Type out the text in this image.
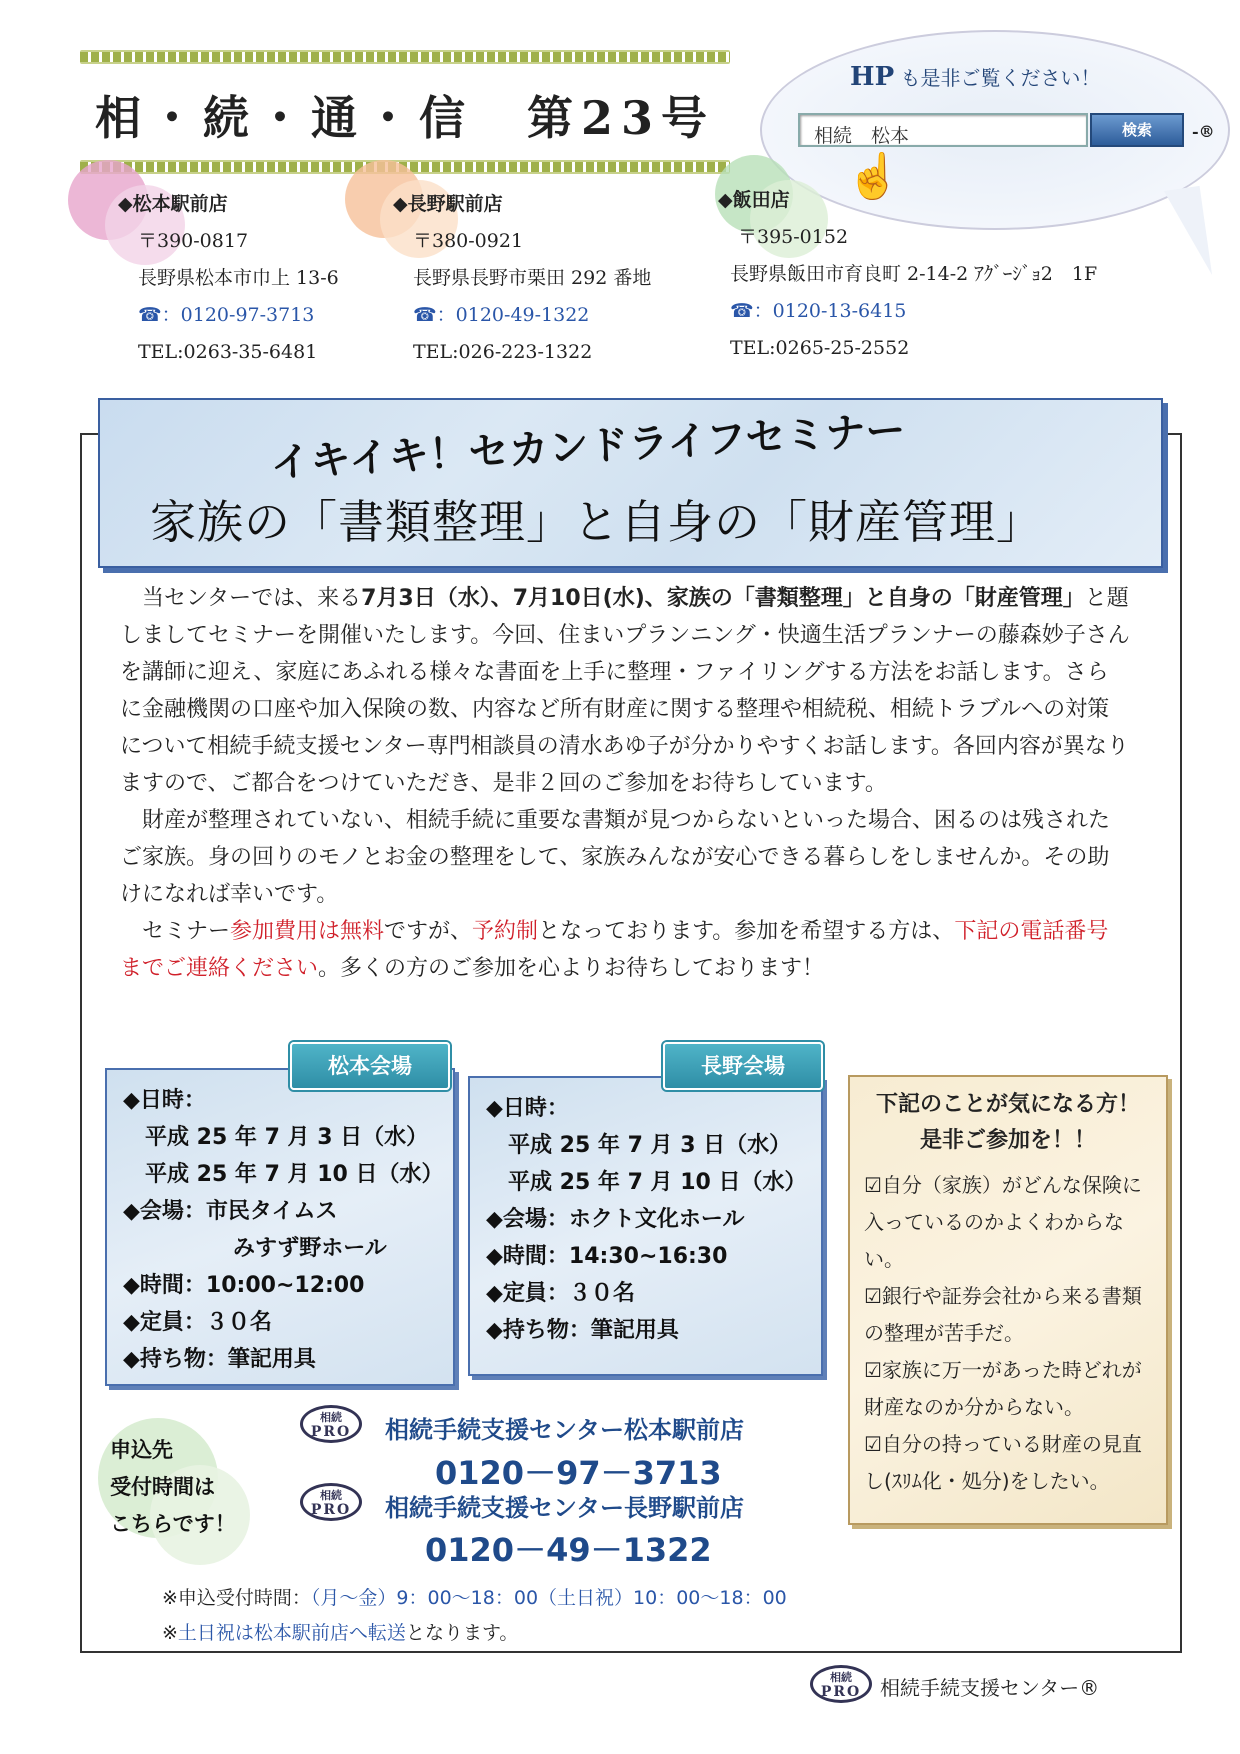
相・続・通・信　第23号
HP も是非ご覧ください！
相続　松本	検索	-®
☝
◆松本駅前店
〒390-0817
長野県松本市巾上 13-6
☎：0120-97-3713
TEL:0263-35-6481
◆長野駅前店
〒380-0921
長野県長野市栗田 292 番地
☎：0120-49-1322
TEL:026-223-1322
◆飯田店
〒395-0152
長野県飯田市育良町 2-14-2 ｱｸﾞｰｼﾞｮ2　1F
☎：0120-13-6415
TEL:0265-25-2552
イキイキ！セカンドライフセミナー
家族の「書類整理」と自身の「財産管理」

当センターでは、来る7月3日（水）、7月10日(水)、家族の「書類整理」と自身の「財産管理」と題しましてセミナーを開催いたします。今回、住まいプランニング・快適生活プランナーの藤森妙子さんを講師に迎え、家庭にあふれる様々な書面を上手に整理・ファイリングする方法をお話します。さらに金融機関の口座や加入保険の数、内容など所有財産に関する整理や相続税、相続トラブルへの対策について相続手続支援センター専門相談員の清水あゆ子が分かりやすくお話します。各回内容が異なりますので、ご都合をつけていただき、是非２回のご参加をお待ちしています。

財産が整理されていない、相続手続に重要な書類が見つからないといった場合、困るのは残されたご家族。身の回りのモノとお金の整理をして、家族みんなが安心できる暮らしをしませんか。その助けになれば幸いです。

セミナー参加費用は無料ですが、予約制となっております。参加を希望する方は、下記の電話番号までご連絡ください。多くの方のご参加を心よりお待ちしております！

◆日時：
平成 25 年 7 月 3 日（水）
平成 25 年 7 月 10 日（水）
◆会場：市民タイムス
みすず野ホール
◆時間：10:00~12:00
◆定員：３０名
◆持ち物：筆記用具
松本会場
◆日時：
平成 25 年 7 月 3 日（水）
平成 25 年 7 月 10 日（水）
◆会場：ホクト文化ホール
◆時間：14:30~16:30
◆定員：３０名
◆持ち物：筆記用具
長野会場
下記のことが気になる方！
是非ご参加を！！
☑自分（家族）がどんな保険に入っているのかよくわからない。
☑銀行や証券会社から来る書類の整理が苦手だ。
☑家族に万一があった時どれが財産なのか分からない。
☑自分の持っている財産の見直し(ｽﾘﾑ化・処分)をしたい。
申込先
受付時間は
こちらです！
相続
PRO	相続手続支援センター松本駅前店
0120－97－3713
相続
PRO	相続手続支援センター長野駅前店
0120－49－1322
※申込受付時間：（月～金）9：00～18：00（土日祝）10：00～18：00
※土日祝は松本駅前店へ転送となります。
相続
PRO 相続手続支援センター®
